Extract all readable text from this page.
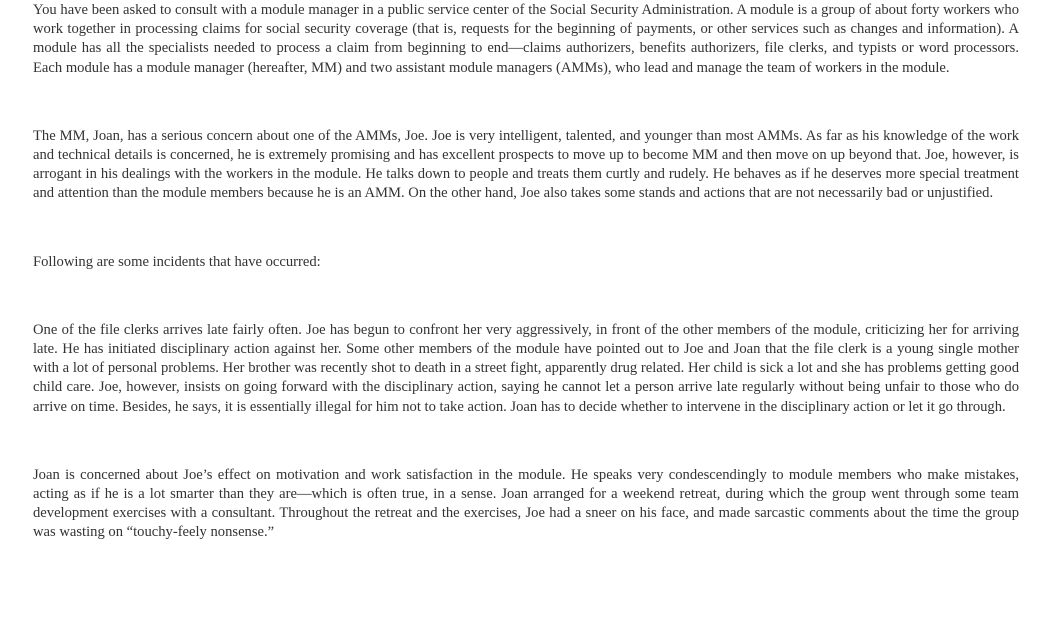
You have been asked to consult with a module manager in a public service center of the Social Security Administration. A module is a group of about forty workers who work together in processing claims for social security coverage (that is, requests for the beginning of payments, or other services such as changes and information). A module has all the specialists needed to process a claim from beginning to end—claims authorizers, benefits authorizers, file clerks, and typists or word processors. Each module has a module manager (hereafter, MM) and two assistant module managers (AMMs), who lead and manage the team of workers in the module.

The MM, Joan, has a serious concern about one of the AMMs, Joe. Joe is very intelligent, talented, and younger than most AMMs. As far as his knowledge of the work and technical details is concerned, he is extremely promising and has excellent prospects to move up to become MM and then move on up beyond that. Joe, however, is arrogant in his dealings with the workers in the module. He talks down to people and treats them curtly and rudely. He behaves as if he deserves more special treatment and attention than the module members because he is an AMM. On the other hand, Joe also takes some stands and actions that are not necessarily bad or unjustified.

Following are some incidents that have occurred:

One of the file clerks arrives late fairly often. Joe has begun to confront her very aggressively, in front of the other members of the module, criticizing her for arriving late. He has initiated disciplinary action against her. Some other members of the module have pointed out to Joe and Joan that the file clerk is a young single mother with a lot of personal problems. Her brother was recently shot to death in a street fight, apparently drug related. Her child is sick a lot and she has problems getting good child care. Joe, however, insists on going forward with the disciplinary action, saying he cannot let a person arrive late regularly without being unfair to those who do arrive on time. Besides, he says, it is essentially illegal for him not to take action. Joan has to decide whether to intervene in the disciplinary action or let it go through.

Joan is concerned about Joe’s effect on motivation and work satisfaction in the module. He speaks very condescendingly to module members who make mistakes, acting as if he is a lot smarter than they are—which is often true, in a sense. Joan arranged for a weekend retreat, during which the group went through some team development exercises with a consultant. Throughout the retreat and the exercises, Joe had a sneer on his face, and made sarcastic comments about the time the group was wasting on “touchy-feely nonsense.”
